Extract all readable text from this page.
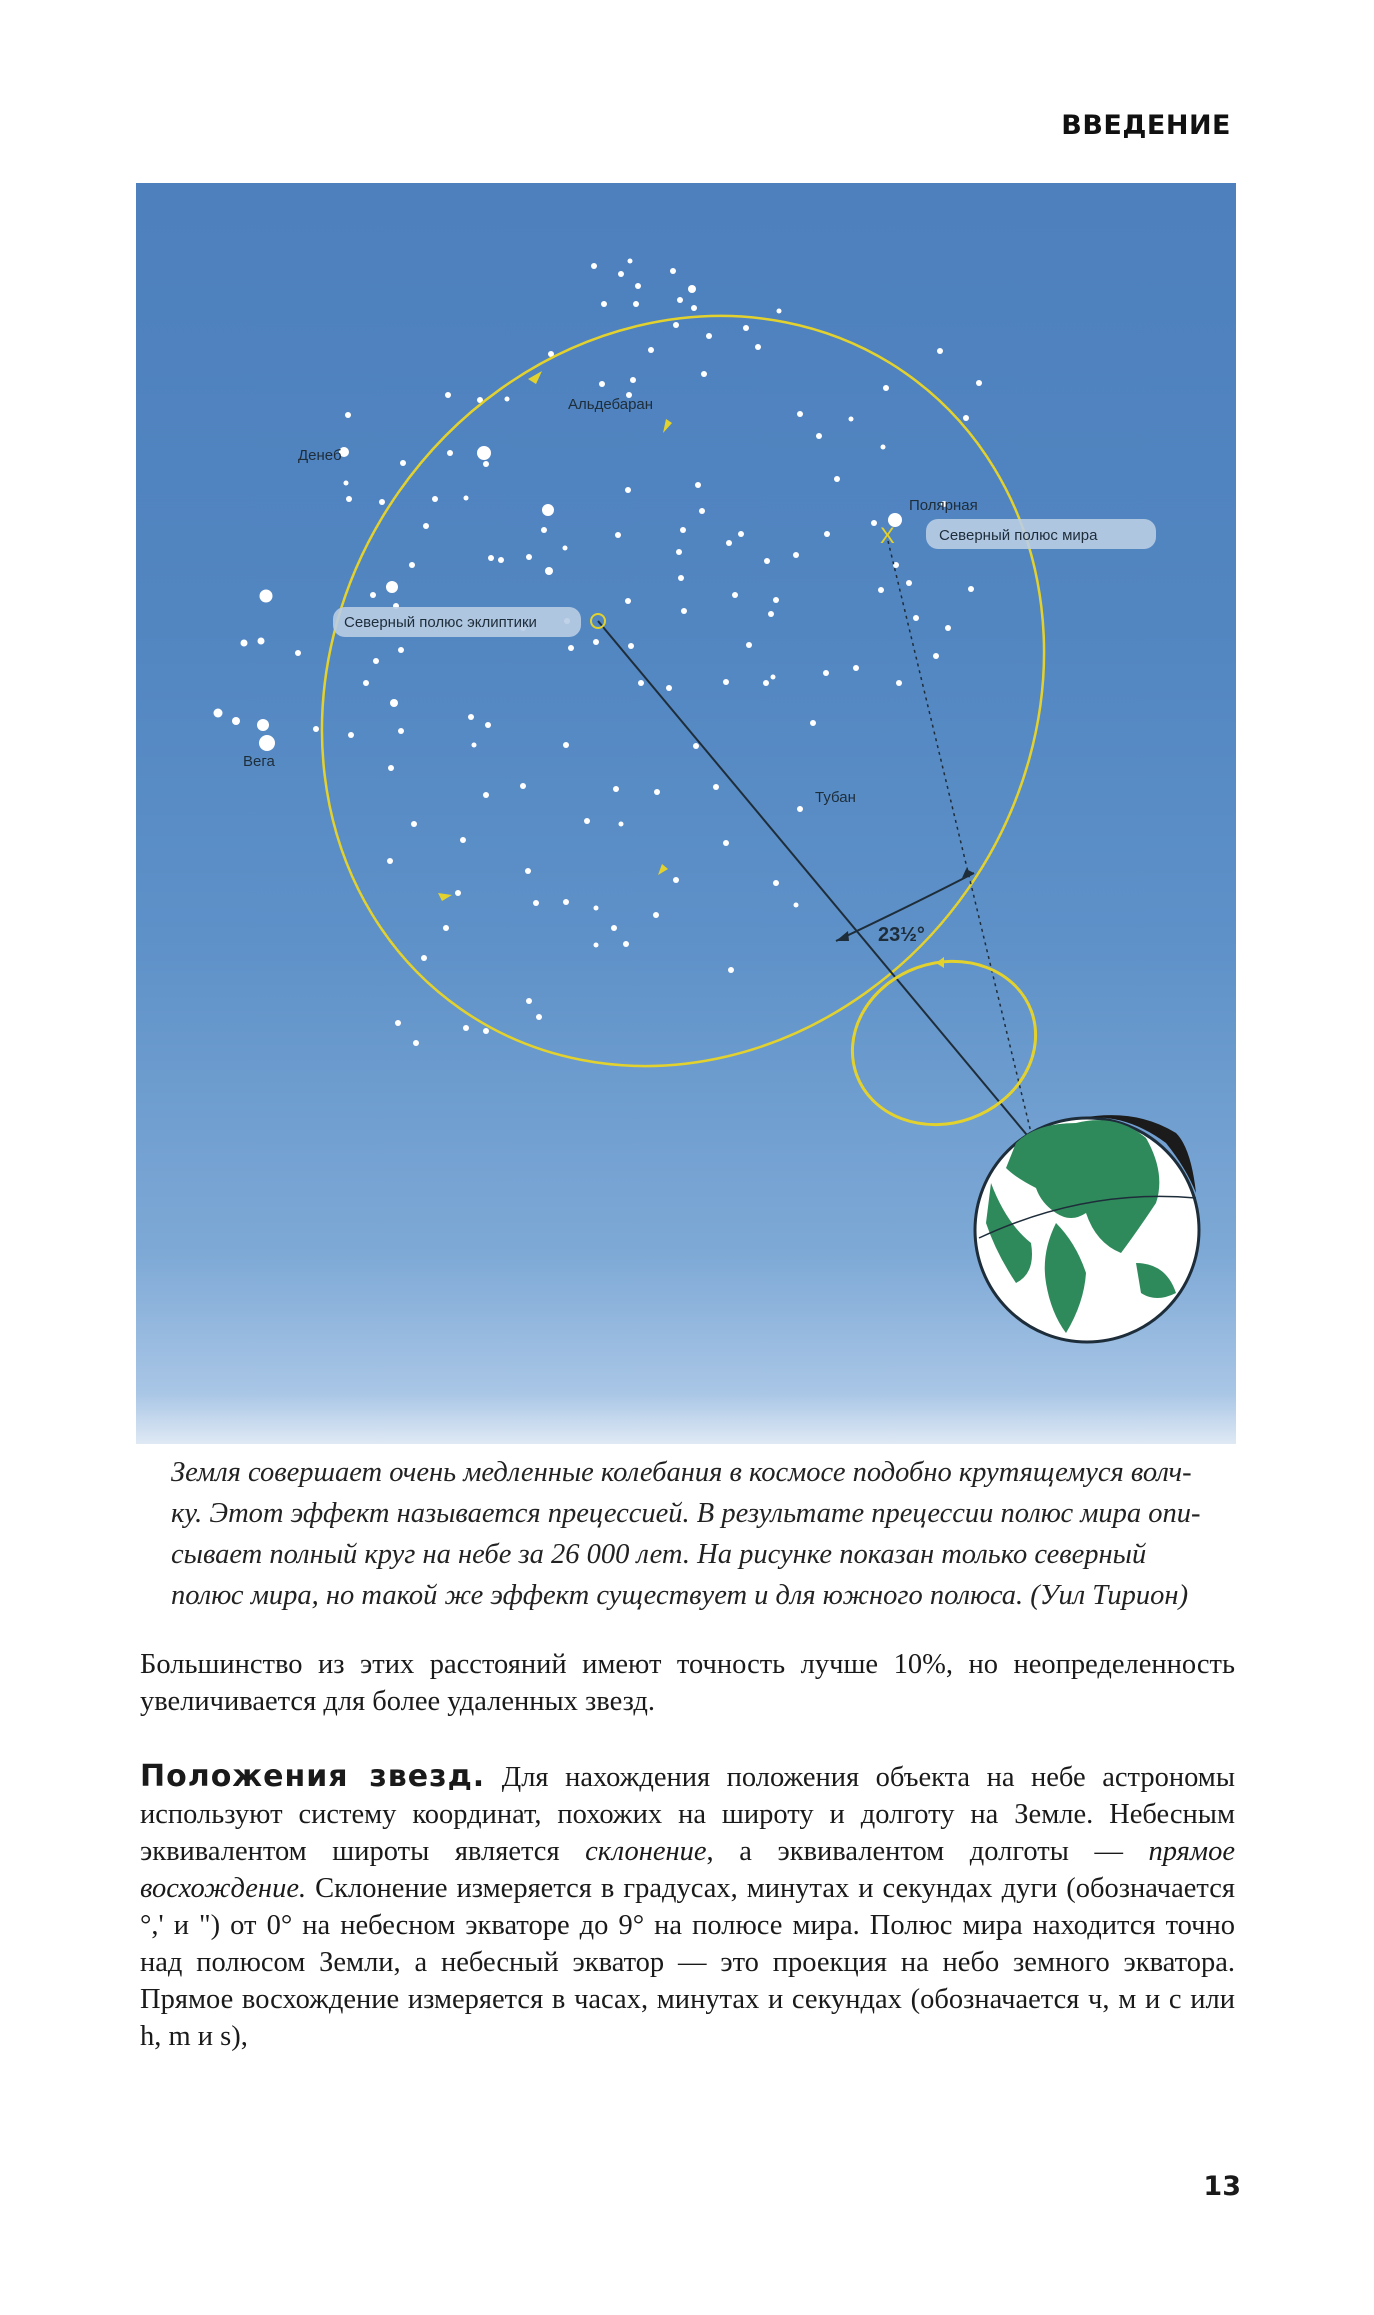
ВВЕДЕНИЕ
X
Альдебаран
Денеб
Полярная
Северный полюс мира
Северный полюс эклиптики
Вега
Тубан
23½°

Земля совершает очень медленные колебания в космосе подобно крутящемуся волч-

ку. Этот эффект называется прецессией. В результате прецессии полюс мира опи-

сывает полный круг на небе за 26 000 лет. На рисунке показан только северный

полюс мира, но такой же эффект существует и для южного полюса. (Уил Тирион)

Большинство из этих расстояний имеют точность лучше 10%, но неопределенность увеличивается для более удаленных звезд.

Положения звезд. Для нахождения положения объекта на небе астрономы используют систему координат, похожих на широту и долготу на Земле. Небесным эквивалентом широты является склонение, а эквивалентом долготы — прямое восхождение. Склонение измеряется в градусах, минутах и секундах дуги (обозначается °,' и ") от 0° на небесном экваторе до 9° на полюсе мира. Полюс мира находится точно над полюсом Земли, а небесный экватор — это проекция на небо земного экватора. Прямое восхождение измеряется в часах, минутах и секундах (обозначается ч, м и с или h, m и s),

13
